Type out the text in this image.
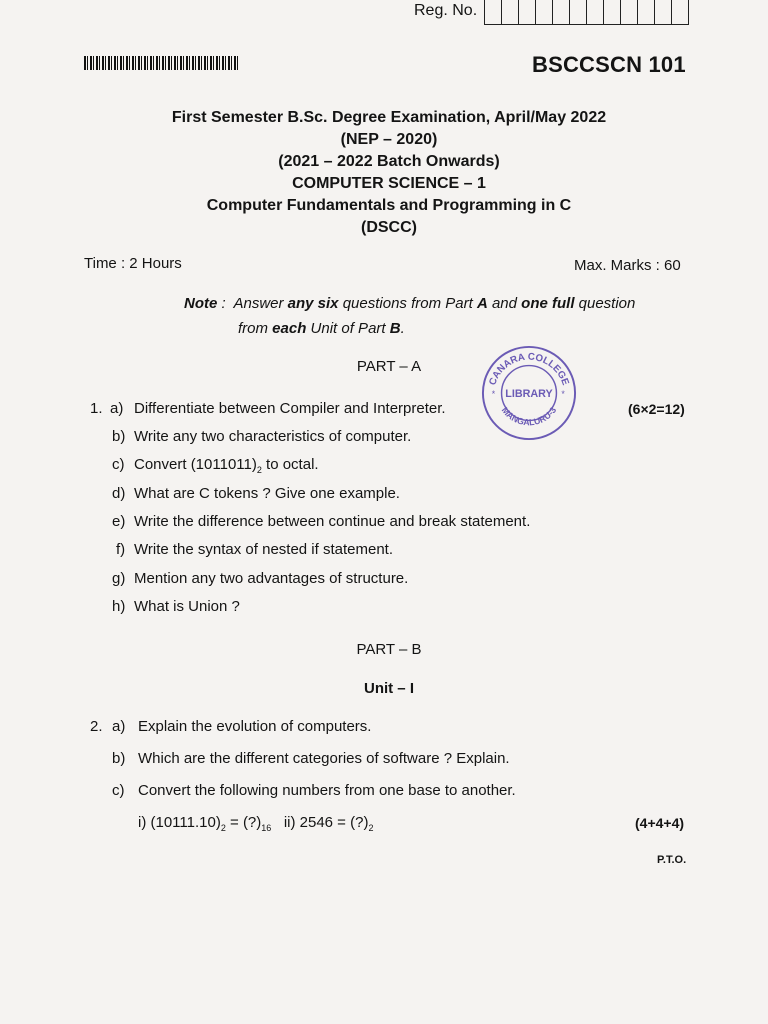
Reg. No.
BSCCSCN 101
First Semester B.Sc. Degree Examination, April/May 2022
(NEP – 2020)
(2021 – 2022 Batch Onwards)
COMPUTER SCIENCE – 1
Computer Fundamentals and Programming in C
(DSCC)
Time : 2 Hours	Max. Marks : 60
Note :  Answer any six questions from Part A and one full question
from each Unit of Part B.
PART – A
CANARA COLLEGE
MANGALURU-3
LIBRARY
*	*
1.	(6×2=12)
a) Differentiate between Compiler and Interpreter.
b) Write any two characteristics of computer.
c) Convert $(1011011)_2$ to octal.
d) What are C tokens ? Give one example.
e) Write the difference between continue and break statement.
f) Write the syntax of nested if statement.
g) Mention any two advantages of structure.
h) What is Union ?
PART – B
Unit – I
2. a) Explain the evolution of computers.
b) Which are the different categories of software ? Explain.
c) Convert the following numbers from one base to another.
i) $(10111.10)_2$ = $(?)_{16}$ ii) $2546 = (?)_2$	(4+4+4)
P.T.O.
